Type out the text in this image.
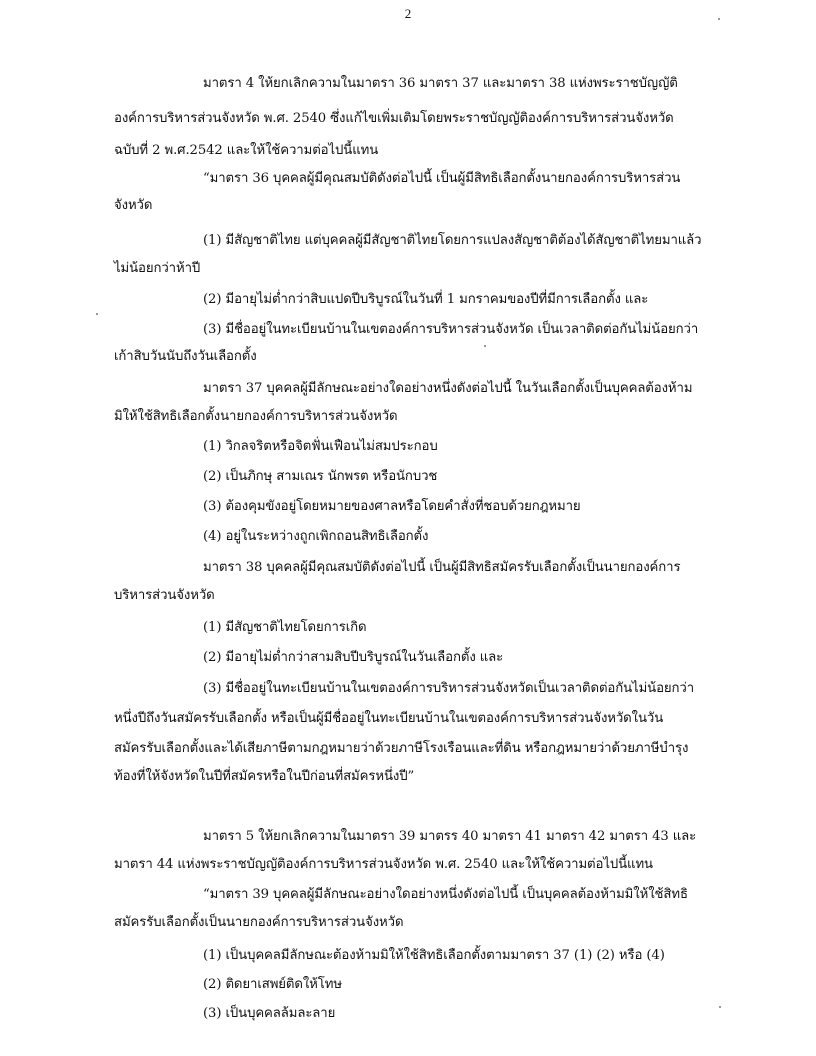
2
มาตรา 4 ให้ยกเลิกความในมาตรา 36 มาตรา 37 และมาตรา 38 แห่งพระราชบัญญัติ
องค์การบริหารส่วนจังหวัด พ.ศ. 2540 ซึ่งแก้ไขเพิ่มเติมโดยพระราชบัญญัติองค์การบริหารส่วนจังหวัด
ฉบับที่ 2 พ.ศ.2542 และให้ใช้ความต่อไปนี้แทน
“มาตรา 36 บุคคลผู้มีคุณสมบัติดังต่อไปนี้ เป็นผู้มีสิทธิเลือกตั้งนายกองค์การบริหารส่วน
จังหวัด
(1) มีสัญชาติไทย แต่บุคคลผู้มีสัญชาติไทยโดยการแปลงสัญชาติต้องได้สัญชาติไทยมาแล้ว
ไม่น้อยกว่าห้าปี
(2) มีอายุไม่ต่ำกว่าสิบแปดปีบริบูรณ์ในวันที่ 1 มกราคมของปีที่มีการเลือกตั้ง และ
(3) มีชื่ออยู่ในทะเบียนบ้านในเขตองค์การบริหารส่วนจังหวัด เป็นเวลาติดต่อกันไม่น้อยกว่า
เก้าสิบวันนับถึงวันเลือกตั้ง
มาตรา 37 บุคคลผู้มีลักษณะอย่างใดอย่างหนึ่งดังต่อไปนี้ ในวันเลือกตั้งเป็นบุคคลต้องห้าม
มิให้ใช้สิทธิเลือกตั้งนายกองค์การบริหารส่วนจังหวัด
(1) วิกลจริตหรือจิตฟั่นเฟือนไม่สมประกอบ
(2) เป็นภิกษุ สามเณร นักพรต หรือนักบวช
(3) ต้องคุมขังอยู่โดยหมายของศาลหรือโดยคำสั่งที่ชอบด้วยกฎหมาย
(4) อยู่ในระหว่างถูกเพิกถอนสิทธิเลือกตั้ง
มาตรา 38 บุคคลผู้มีคุณสมบัติดังต่อไปนี้ เป็นผู้มีสิทธิสมัครรับเลือกตั้งเป็นนายกองค์การ
บริหารส่วนจังหวัด
(1) มีสัญชาติไทยโดยการเกิด
(2) มีอายุไม่ต่ำกว่าสามสิบปีบริบูรณ์ในวันเลือกตั้ง และ
(3) มีชื่ออยู่ในทะเบียนบ้านในเขตองค์การบริหารส่วนจังหวัดเป็นเวลาติดต่อกันไม่น้อยกว่า
หนึ่งปีถึงวันสมัครรับเลือกตั้ง หรือเป็นผู้มีชื่ออยู่ในทะเบียนบ้านในเขตองค์การบริหารส่วนจังหวัดในวัน
สมัครรับเลือกตั้งและได้เสียภาษีตามกฎหมายว่าด้วยภาษีโรงเรือนและที่ดิน หรือกฎหมายว่าด้วยภาษีบำรุง
ท้องที่ให้จังหวัดในปีที่สมัครหรือในปีก่อนที่สมัครหนึ่งปี”
มาตรา 5 ให้ยกเลิกความในมาตรา 39 มาตรร 40 มาตรา 41 มาตรา 42 มาตรา 43 และ
มาตรา 44 แห่งพระราชบัญญัติองค์การบริหารส่วนจังหวัด พ.ศ. 2540 และให้ใช้ความต่อไปนี้แทน
“มาตรา 39 บุคคลผู้มีลักษณะอย่างใดอย่างหนึ่งดังต่อไปนี้ เป็นบุคคลต้องห้ามมิให้ใช้สิทธิ
สมัครรับเลือกตั้งเป็นนายกองค์การบริหารส่วนจังหวัด
(1) เป็นบุคคลมีลักษณะต้องห้ามมิให้ใช้สิทธิเลือกตั้งตามมาตรา 37 (1) (2) หรือ (4)
(2) ติดยาเสพย์ติดให้โทษ
(3) เป็นบุคคลล้มละลาย
